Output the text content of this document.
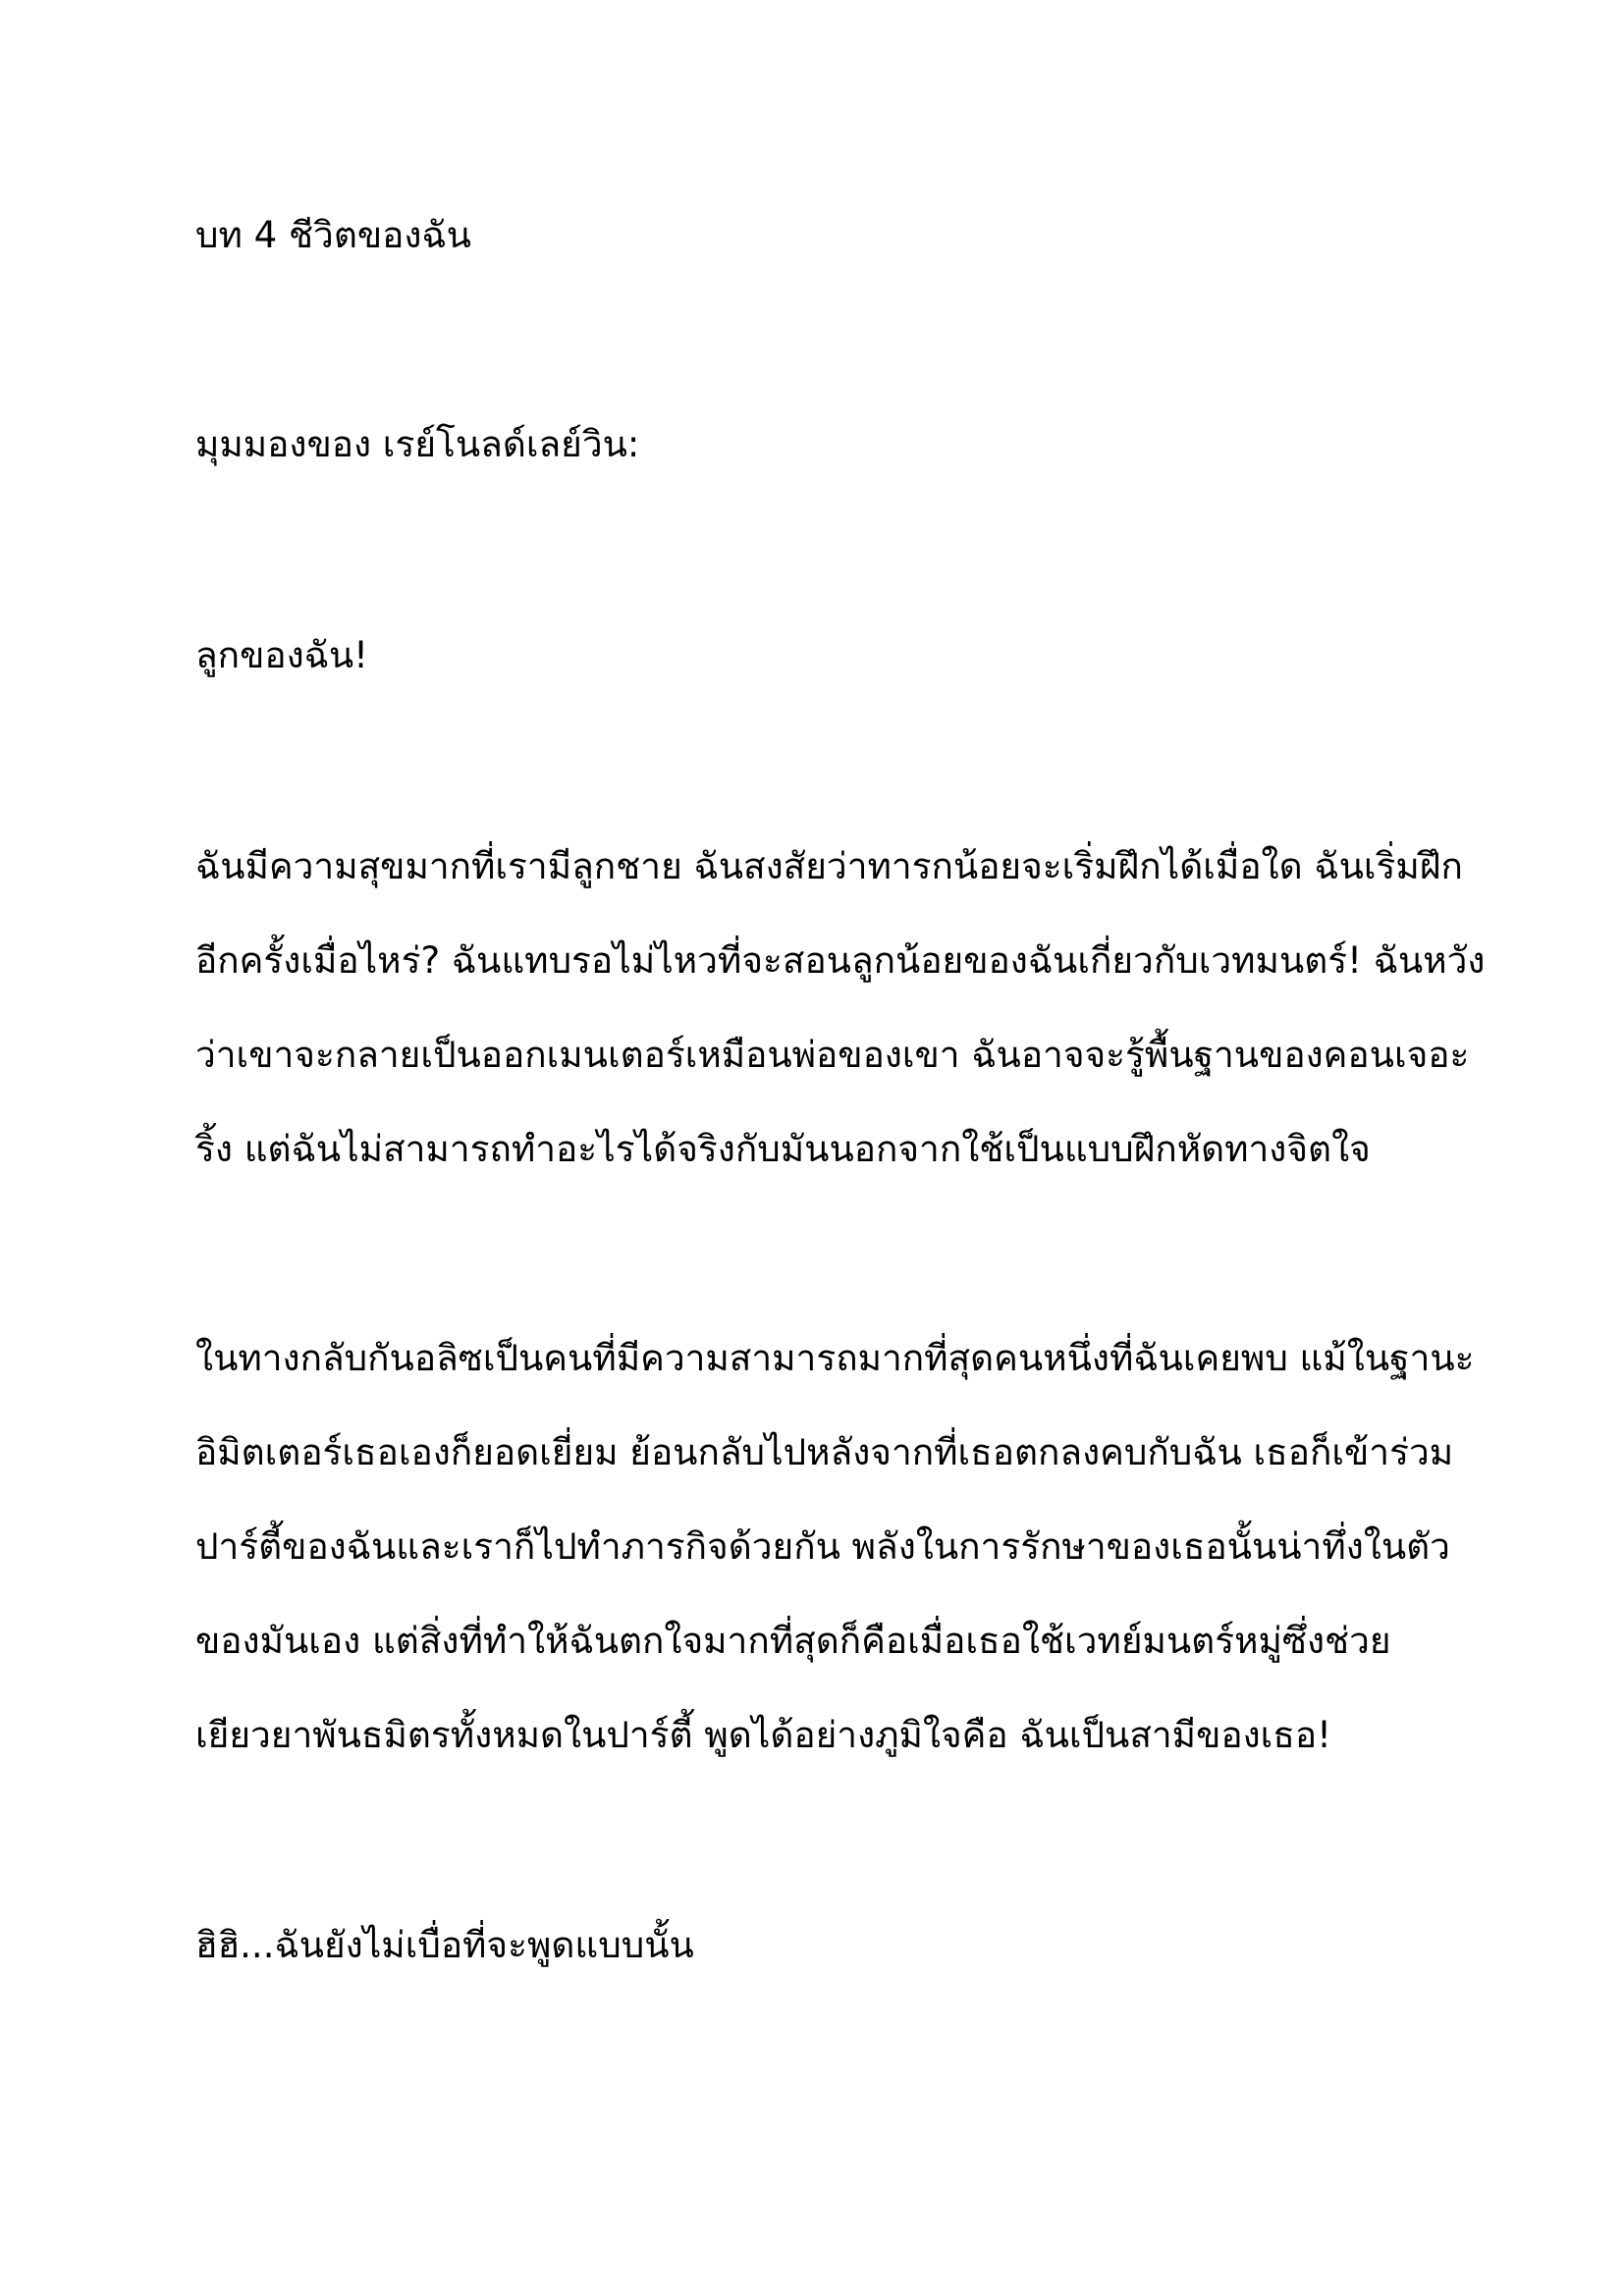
บท 4 ชีวิตของฉัน

มุมมองของ เรย์โนลด์เลย์วิน:

ลูกของฉัน!

ฉันมีความสุขมากที่เรามีลูกชาย ฉันสงสัยว่าทารกน้อยจะเริ่มฝึกได้เมื่อใด ฉันเริ่มฝึก

อีกครั้งเมื่อไหร่? ฉันแทบรอไม่ไหวที่จะสอนลูกน้อยของฉันเกี่ยวกับเวทมนตร์! ฉันหวัง

ว่าเขาจะกลายเป็นออกเมนเตอร์เหมือนพ่อของเขา ฉันอาจจะรู้พื้นฐานของคอนเจอะ

ริ้ง แต่ฉันไม่สามารถทำอะไรได้จริงกับมันนอกจากใช้เป็นแบบฝึกหัดทางจิตใจ

ในทางกลับกันอลิซเป็นคนที่มีความสามารถมากที่สุดคนหนึ่งที่ฉันเคยพบ แม้ในฐานะ

อิมิตเตอร์เธอเองก็ยอดเยี่ยม ย้อนกลับไปหลังจากที่เธอตกลงคบกับฉัน เธอก็เข้าร่วม

ปาร์ตี้ของฉันและเราก็ไปทำภารกิจด้วยกัน พลังในการรักษาของเธอนั้นน่าทึ่งในตัว

ของมันเอง แต่สิ่งที่ทำให้ฉันตกใจมากที่สุดก็คือเมื่อเธอใช้เวทย์มนตร์หมู่ซึ่งช่วย

เยียวยาพันธมิตรทั้งหมดในปาร์ตี้ พูดได้อย่างภูมิใจคือ ฉันเป็นสามีของเธอ!

ฮิฮิ...ฉันยังไม่เบื่อที่จะพูดแบบนั้น
